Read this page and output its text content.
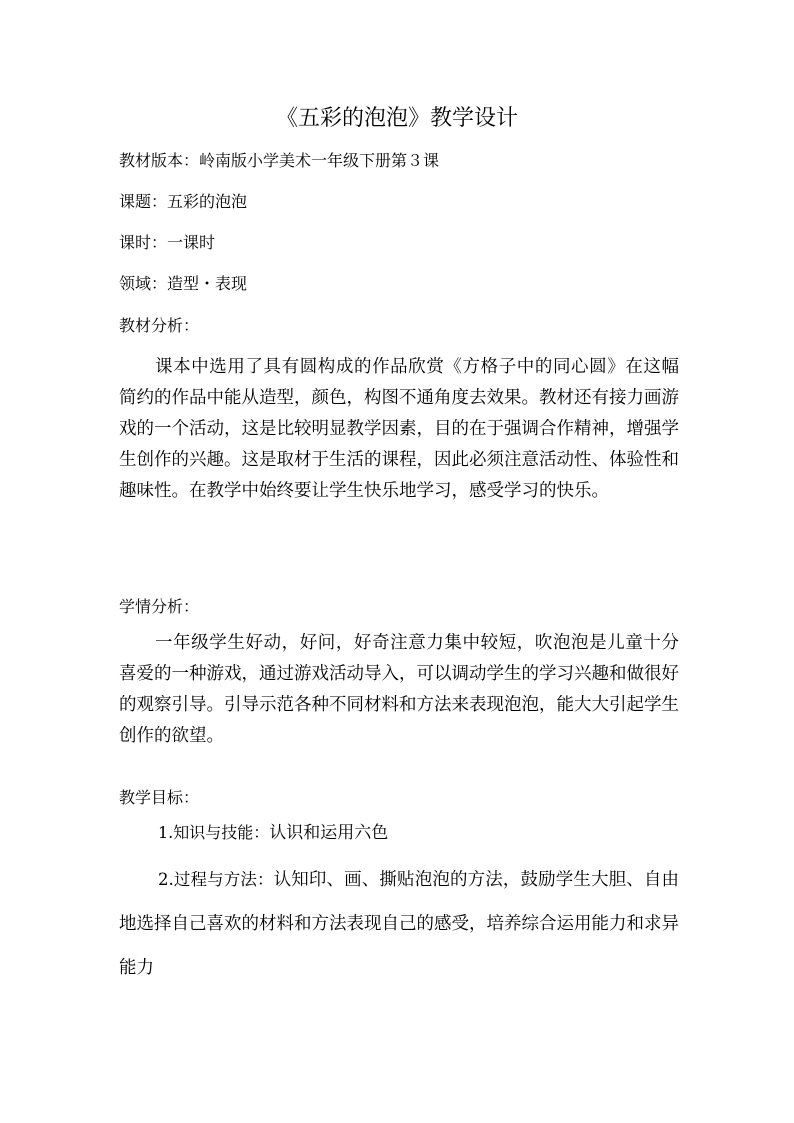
《五彩的泡泡》教学设计
教材版本：岭南版小学美术一年级下册第３课
课题：五彩的泡泡
课时：一课时
领域：造型・表现
教材分析：

课本中选用了具有圆构成的作品欣赏《方格子中的同心圆》在这幅简约的作品中能从造型，颜色，构图不通角度去效果。教材还有接力画游戏的一个活动，这是比较明显教学因素，目的在于强调合作精神，增强学生创作的兴趣。这是取材于生活的课程，因此必须注意活动性、体验性和趣味性。在教学中始终要让学生快乐地学习，感受学习的快乐。

学情分析：

一年级学生好动，好问，好奇注意力集中较短，吹泡泡是儿童十分喜爱的一种游戏，通过游戏活动导入，可以调动学生的学习兴趣和做很好的观察引导。引导示范各种不同材料和方法来表现泡泡，能大大引起学生创作的欲望。

教学目标：
1.知识与技能：认识和运用六色

2.过程与方法：认知印、画、撕贴泡泡的方法，鼓励学生大胆、自由地选择自己喜欢的材料和方法表现自己的感受，培养综合运用能力和求异能力
